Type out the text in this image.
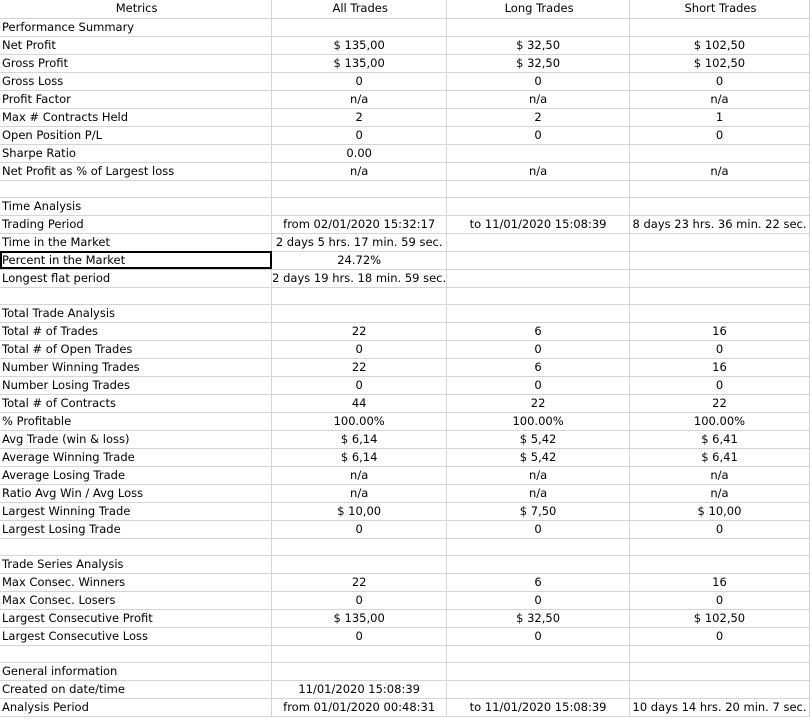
Metrics	All Trades	Long Trades	Short Trades
Performance Summary			
Net Profit	$ 135,00	$ 32,50	$ 102,50
Gross Profit	$ 135,00	$ 32,50	$ 102,50
Gross Loss	0	0	0
Profit Factor	n/a	n/a	n/a
Max # Contracts Held	2	2	1
Open Position P/L	0	0	0
Sharpe Ratio	0.00		
Net Profit as % of Largest loss	n/a	n/a	n/a

Time Analysis			
Trading Period	from 02/01/2020 15:32:17	to 11/01/2020 15:08:39	8 days 23 hrs. 36 min. 22 sec.
Time in the Market	2 days 5 hrs. 17 min. 59 sec.		
Percent in the Market	24.72%		
Longest flat period	2 days 19 hrs. 18 min. 59 sec.		

Total Trade Analysis			
Total # of Trades	22	6	16
Total # of Open Trades	0	0	0
Number Winning Trades	22	6	16
Number Losing Trades	0	0	0
Total # of Contracts	44	22	22
% Profitable	100.00%	100.00%	100.00%
Avg Trade (win & loss)	$ 6,14	$ 5,42	$ 6,41
Average Winning Trade	$ 6,14	$ 5,42	$ 6,41
Average Losing Trade	n/a	n/a	n/a
Ratio Avg Win / Avg Loss	n/a	n/a	n/a
Largest Winning Trade	$ 10,00	$ 7,50	$ 10,00
Largest Losing Trade	0	0	0

Trade Series Analysis			
Max Consec. Winners	22	6	16
Max Consec. Losers	0	0	0
Largest Consecutive Profit	$ 135,00	$ 32,50	$ 102,50
Largest Consecutive Loss	0	0	0

General information			
Created on date/time	11/01/2020 15:08:39		
Analysis Period	from 01/01/2020 00:48:31	to 11/01/2020 15:08:39	10 days 14 hrs. 20 min. 7 sec.
